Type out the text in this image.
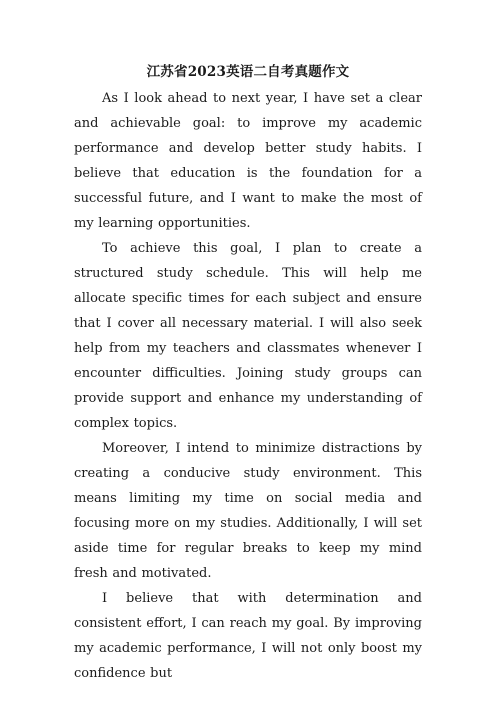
江苏省2023英语二自考真题作文

As I look ahead to next year, I have set a clear and achievable goal: to improve my academic performance and develop better study habits. I believe that education is the foundation for a successful future, and I want to make the most of my learning opportunities.

To achieve this goal, I plan to create a structured study schedule. This will help me allocate specific times for each subject and ensure that I cover all necessary material. I will also seek help from my teachers and classmates whenever I encounter difficulties. Joining study groups can provide support and enhance my understanding of complex topics.

Moreover, I intend to minimize distractions by creating a conducive study environment. This means limiting my time on social media and focusing more on my studies. Additionally, I will set aside time for regular breaks to keep my mind fresh and motivated.

I believe that with determination and consistent effort, I can reach my goal. By improving my academic performance, I will not only boost my confidence but
